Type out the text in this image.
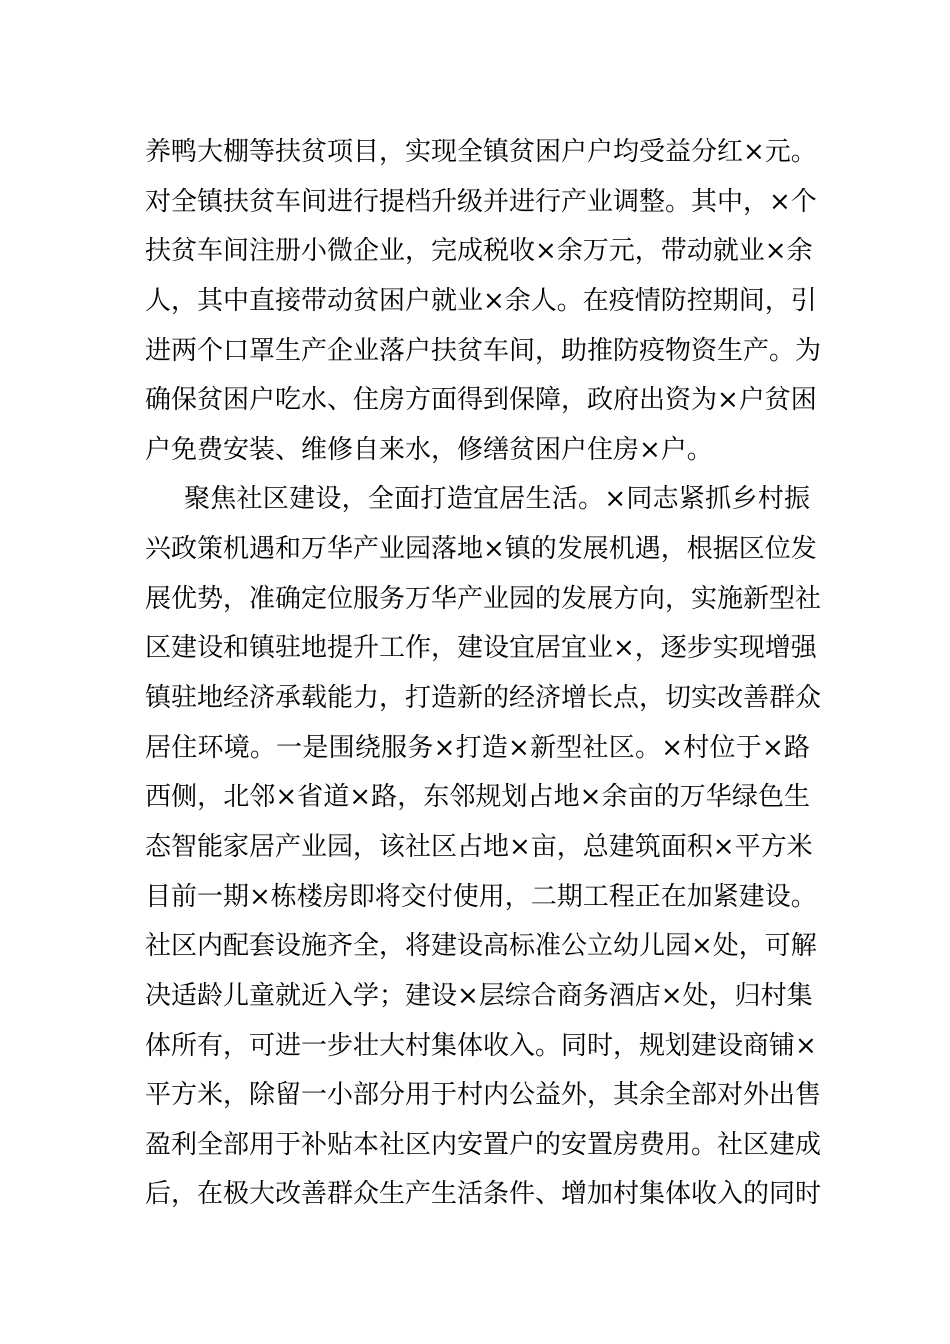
养鸭大棚等扶贫项目，实现全镇贫困户户均受益分红×元。
对全镇扶贫车间进行提档升级并进行产业调整。其中，×个
扶贫车间注册小微企业，完成税收×余万元，带动就业×余
人，其中直接带动贫困户就业×余人。在疫情防控期间，引
进两个口罩生产企业落户扶贫车间，助推防疫物资生产。为
确保贫困户吃水、住房方面得到保障，政府出资为×户贫困
户免费安装、维修自来水，修缮贫困户住房×户。
聚焦社区建设，全面打造宜居生活。×同志紧抓乡村振
兴政策机遇和万华产业园落地×镇的发展机遇，根据区位发
展优势，准确定位服务万华产业园的发展方向，实施新型社
区建设和镇驻地提升工作，建设宜居宜业×，逐步实现增强
镇驻地经济承载能力，打造新的经济增长点，切实改善群众
居住环境。一是围绕服务×打造×新型社区。×村位于×路
西侧，北邻×省道×路，东邻规划占地×余亩的万华绿色生
态智能家居产业园，该社区占地×亩，总建筑面积×平方米
目前一期×栋楼房即将交付使用，二期工程正在加紧建设。
社区内配套设施齐全，将建设高标准公立幼儿园×处，可解
决适龄儿童就近入学；建设×层综合商务酒店×处，归村集
体所有，可进一步壮大村集体收入。同时，规划建设商铺×
平方米，除留一小部分用于村内公益外，其余全部对外出售
盈利全部用于补贴本社区内安置户的安置房费用。社区建成
后，在极大改善群众生产生活条件、增加村集体收入的同时
